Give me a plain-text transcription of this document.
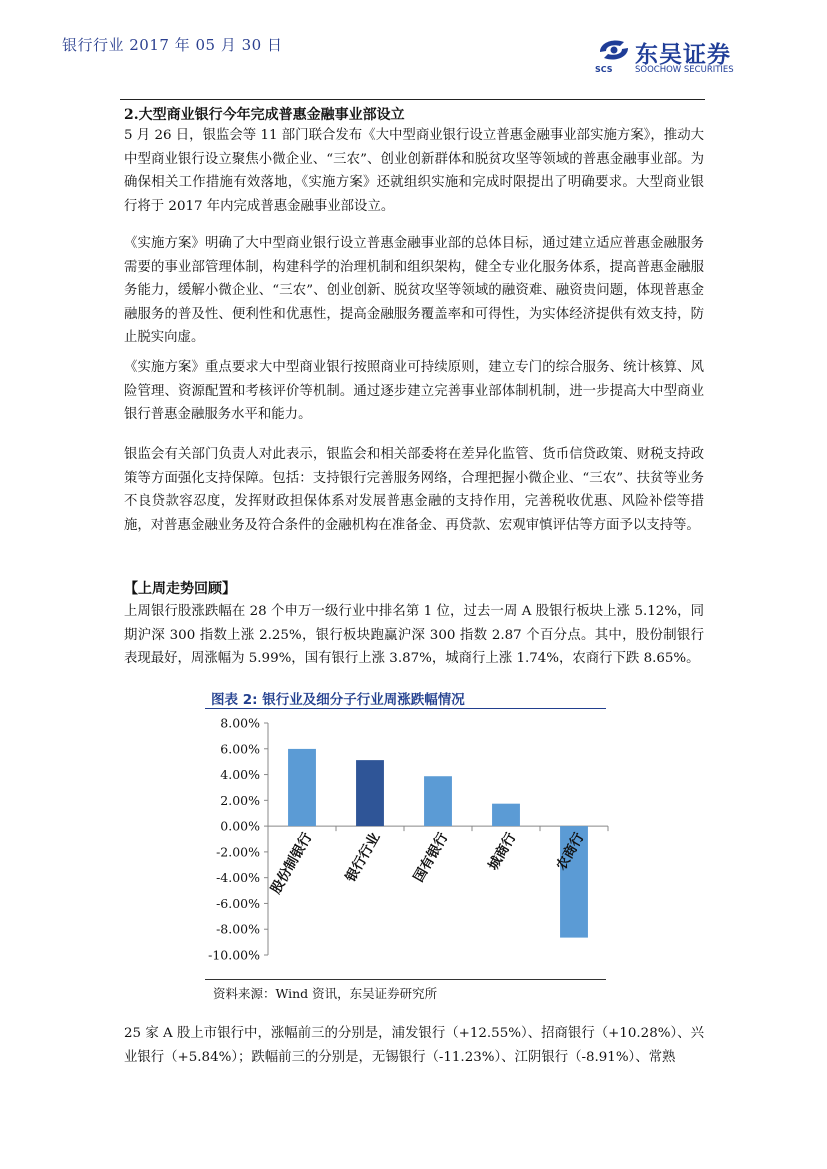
银行行业 2017 年 05 月 30 日
SCS
东吴证券
SOOCHOW SECURITIES
2.大型商业银行今年完成普惠金融事业部设立

5 月 26 日，银监会等 11 部门联合发布《大中型商业银行设立普惠金融事业部实施方案》，推动大中型商业银行设立聚焦小微企业、“三农”、创业创新群体和脱贫攻坚等领域的普惠金融事业部。为确保相关工作措施有效落地，《实施方案》还就组织实施和完成时限提出了明确要求。大型商业银行将于 2017 年内完成普惠金融事业部设立。

《实施方案》明确了大中型商业银行设立普惠金融事业部的总体目标，通过建立适应普惠金融服务需要的事业部管理体制，构建科学的治理机制和组织架构，健全专业化服务体系，提高普惠金融服务能力，缓解小微企业、“三农”、创业创新、脱贫攻坚等领域的融资难、融资贵问题，体现普惠金融服务的普及性、便利性和优惠性，提高金融服务覆盖率和可得性，为实体经济提供有效支持，防止脱实向虚。

《实施方案》重点要求大中型商业银行按照商业可持续原则，建立专门的综合服务、统计核算、风险管理、资源配置和考核评价等机制。通过逐步建立完善事业部体制机制，进一步提高大中型商业银行普惠金融服务水平和能力。

银监会有关部门负责人对此表示，银监会和相关部委将在差异化监管、货币信贷政策、财税支持政策等方面强化支持保障。包括：支持银行完善服务网络，合理把握小微企业、“三农”、扶贫等业务不良贷款容忍度，发挥财政担保体系对发展普惠金融的支持作用，完善税收优惠、风险补偿等措施，对普惠金融业务及符合条件的金融机构在准备金、再贷款、宏观审慎评估等方面予以支持等。

【上周走势回顾】

上周银行股涨跌幅在 28 个申万一级行业中排名第 1 位，过去一周 A 股银行板块上涨 5.12%，同期沪深 300 指数上涨 2.25%，银行板块跑赢沪深 300 指数 2.87 个百分点。其中，股份制银行表现最好，周涨幅为 5.99%，国有银行上涨 3.87%，城商行上涨 1.74%，农商行下跌 8.65%。

图表 2: 银行业及细分子行业周涨跌幅情况
8.00%
6.00%
4.00%
2.00%
0.00%
-2.00%
-4.00%
-6.00%
-8.00%
-10.00%
股份制银行 银行行业 国有银行	城商行	农商行
资料来源：Wind 资讯，东吴证券研究所

25 家 A 股上市银行中，涨幅前三的分别是，浦发银行（+12.55%）、招商银行（+10.28%）、兴业银行（+5.84%）；跌幅前三的分别是，无锡银行（-11.23%）、江阴银行（-8.91%）、常熟
